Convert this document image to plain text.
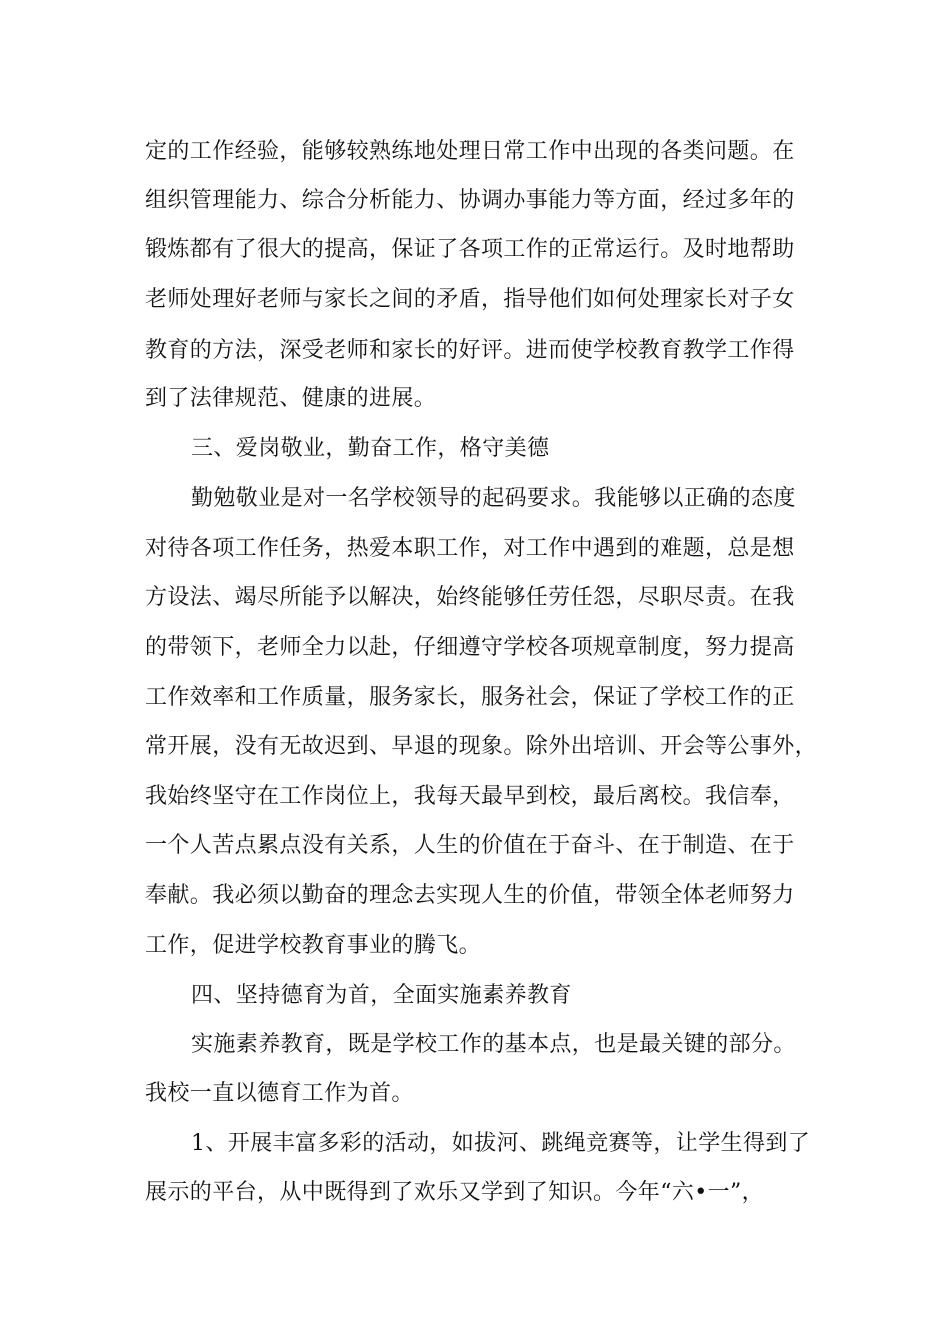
定的工作经验，能够较熟练地处理日常工作中出现的各类问题。在
组织管理能力、综合分析能力、协调办事能力等方面，经过多年的
锻炼都有了很大的提高，保证了各项工作的正常运行。及时地帮助
老师处理好老师与家长之间的矛盾，指导他们如何处理家长对子女
教育的方法，深受老师和家长的好评。进而使学校教育教学工作得
到了法律规范、健康的进展。
三、爱岗敬业，勤奋工作，格守美德
勤勉敬业是对一名学校领导的起码要求。我能够以正确的态度
对待各项工作任务，热爱本职工作，对工作中遇到的难题，总是想
方设法、竭尽所能予以解决，始终能够任劳任怨，尽职尽责。在我
的带领下，老师全力以赴，仔细遵守学校各项规章制度，努力提高
工作效率和工作质量，服务家长，服务社会，保证了学校工作的正
常开展，没有无故迟到、早退的现象。除外出培训、开会等公事外，
我始终坚守在工作岗位上，我每天最早到校，最后离校。我信奉，
一个人苦点累点没有关系，人生的价值在于奋斗、在于制造、在于
奉献。我必须以勤奋的理念去实现人生的价值，带领全体老师努力
工作，促进学校教育事业的腾飞。
四、坚持德育为首，全面实施素养教育
实施素养教育，既是学校工作的基本点，也是最关键的部分。
我校一直以德育工作为首。
1、开展丰富多彩的活动，如拔河、跳绳竞赛等，让学生得到了
展示的平台，从中既得到了欢乐又学到了知识。今年“六•一”，
